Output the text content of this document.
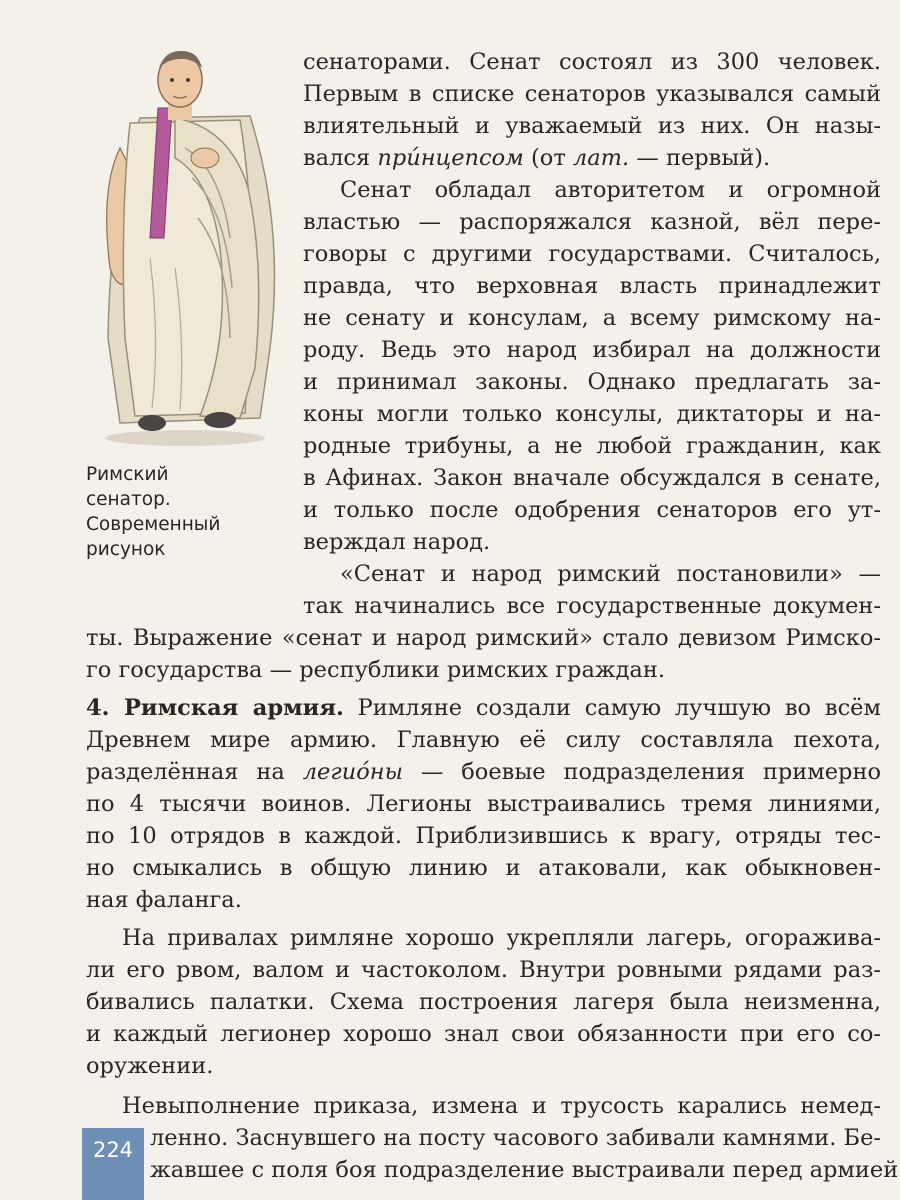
Римский
сенатор.
Современный
рисунок
сенаторами. Сенат состоял из 300 человек.
Первым в списке сенаторов указывался самый
влиятельный и уважаемый из них. Он назы-
вался при́нцепсом (от лат. — первый).
Сенат обладал авторитетом и огромной
властью — распоряжался казной, вёл пере-
говоры с другими государствами. Считалось,
правда, что верховная власть принадлежит
не сенату и консулам, а всему римскому на-
роду. Ведь это народ избирал на должности
и принимал законы. Однако предлагать за-
коны могли только консулы, диктаторы и на-
родные трибуны, а не любой гражданин, как
в Афинах. Закон вначале обсуждался в сенате,
и только после одобрения сенаторов его ут-
верждал народ.
«Сенат и народ римский постановили» —
так начинались все государственные докумен-
ты. Выражение «сенат и народ римский» стало девизом Римско-
го государства — республики римских граждан.
4. Римская армия. Римляне создали самую лучшую во всём
Древнем мире армию. Главную её силу составляла пехота,
разделённая на легио́ны — боевые подразделения примерно
по 4 тысячи воинов. Легионы выстраивались тремя линиями,
по 10 отрядов в каждой. Приблизившись к врагу, отряды тес-
но смыкались в общую линию и атаковали, как обыкновен-
ная фаланга.
На привалах римляне хорошо укрепляли лагерь, огоражива-
ли его рвом, валом и частоколом. Внутри ровными рядами раз-
бивались палатки. Схема построения лагеря была неизменна,
и каждый легионер хорошо знал свои обязанности при его со-
оружении.
Невыполнение приказа, измена и трусость карались немед-
ленно. Заснувшего на посту часового забивали камнями. Бе-
жавшее с поля боя подразделение выстраивали перед армией
224
